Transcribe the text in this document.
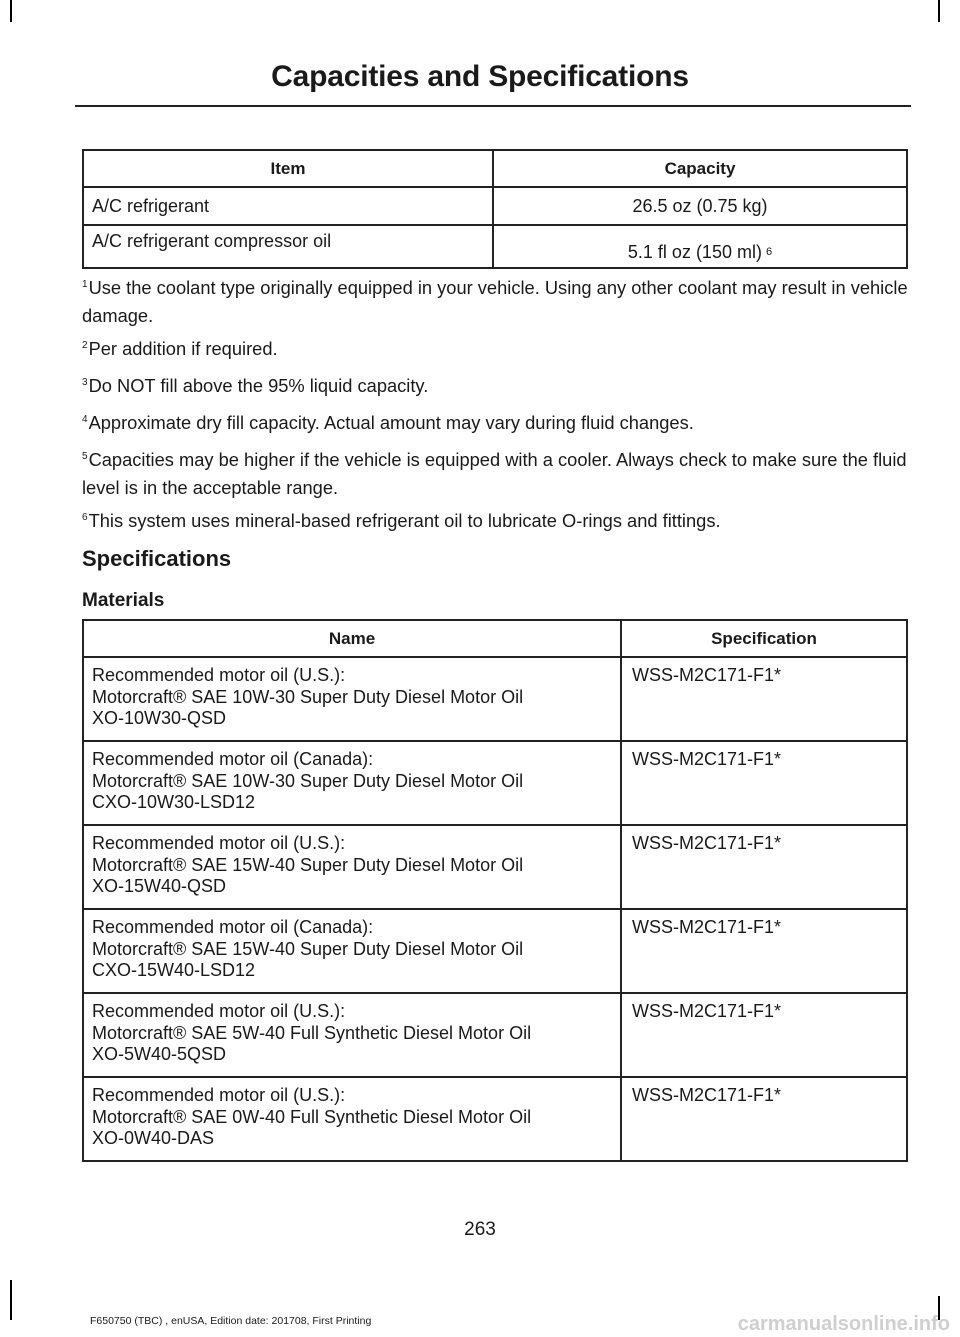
Capacities and Specifications
Item	Capacity
A/C refrigerant	26.5 oz (0.75 kg)
A/C refrigerant compressor oil	5.1 fl oz (150 ml) $^6$

$^1$Use the coolant type originally equipped in your vehicle. Using any other coolant may result in vehicle damage.

$^2$Per addition if required.

$^3$Do NOT fill above the 95% liquid capacity.

$^4$Approximate dry fill capacity. Actual amount may vary during fluid changes.

$^5$Capacities may be higher if the vehicle is equipped with a cooler. Always check to make sure the fluid level is in the acceptable range.

$^6$This system uses mineral-based refrigerant oil to lubricate O-rings and fittings.

Specifications
Materials
Name	Specification

Recommended motor oil (U.S.):
Motorcraft® SAE 10W-30 Super Duty Diesel Motor Oil
XO-10W30-QSD	WSS-M2C171-F1*

Recommended motor oil (Canada):
Motorcraft® SAE 10W-30 Super Duty Diesel Motor Oil
CXO-10W30-LSD12	WSS-M2C171-F1*

Recommended motor oil (U.S.):
Motorcraft® SAE 15W-40 Super Duty Diesel Motor Oil
XO-15W40-QSD	WSS-M2C171-F1*

Recommended motor oil (Canada):
Motorcraft® SAE 15W-40 Super Duty Diesel Motor Oil
CXO-15W40-LSD12	WSS-M2C171-F1*

Recommended motor oil (U.S.):
Motorcraft® SAE 5W-40 Full Synthetic Diesel Motor Oil
XO-5W40-5QSD	WSS-M2C171-F1*

Recommended motor oil (U.S.):
Motorcraft® SAE 0W-40 Full Synthetic Diesel Motor Oil
XO-0W40-DAS	WSS-M2C171-F1*
263
F650750 (TBC) , enUSA, Edition date: 201708, First Printing	carmanualsonline.info
